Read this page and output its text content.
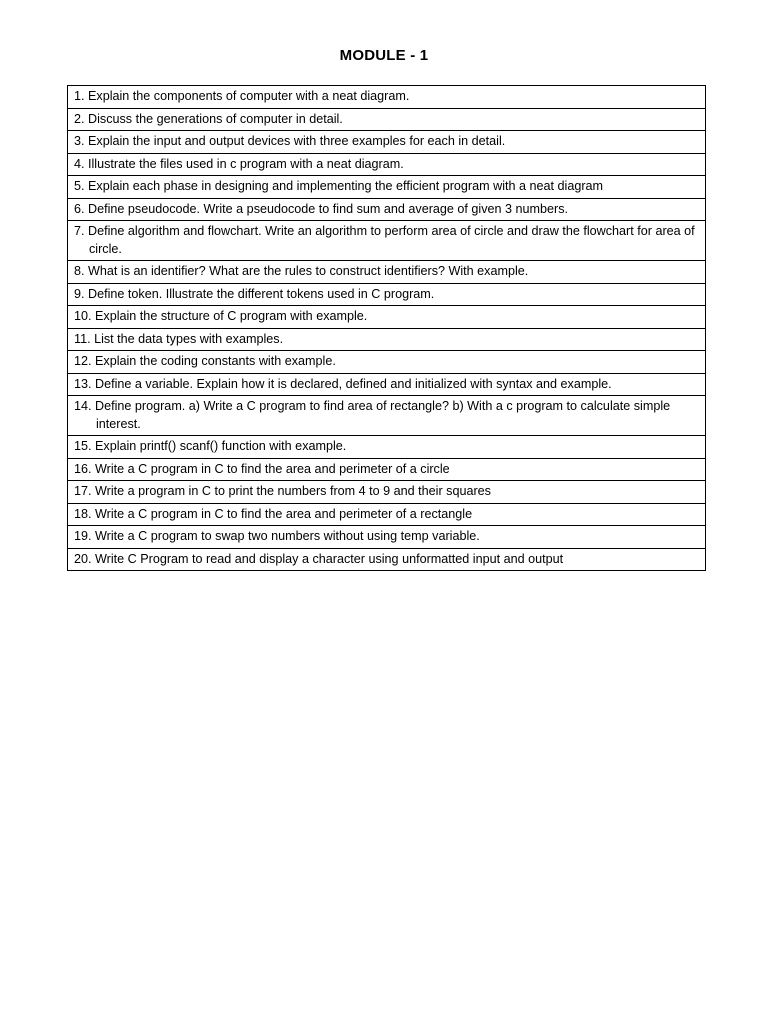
MODULE - 1
1. Explain the components of computer with a neat diagram.

2. Discuss the generations of computer in detail.

3. Explain the input and output devices with three examples for each in detail.

4. Illustrate the files used in c program with a neat diagram.

5. Explain each phase in designing and implementing the efficient program with a neat diagram

6. Define pseudocode. Write a pseudocode to find sum and average of given 3 numbers.

7. Define algorithm and flowchart. Write an algorithm to perform area of circle and draw the flowchart for area of circle.

8. What is an identifier? What are the rules to construct identifiers? With example.

9. Define token. Illustrate the different tokens used in C program.

10. Explain the structure of C program with example.

11. List the data types with examples.

12. Explain the coding constants with example.

13. Define a variable. Explain how it is declared, defined and initialized with syntax and example.

14. Define program. a) Write a C program to find area of rectangle? b) With a c program to calculate simple interest.

15. Explain printf() scanf() function with example.

16. Write a C program in C to find the area and perimeter of a circle

17. Write a program in C to print the numbers from 4 to 9 and their squares

18. Write a C program in C to find the area and perimeter of a rectangle

19. Write a C program to swap two numbers without using temp variable.

20. Write C Program to read and display a character using unformatted input and output
